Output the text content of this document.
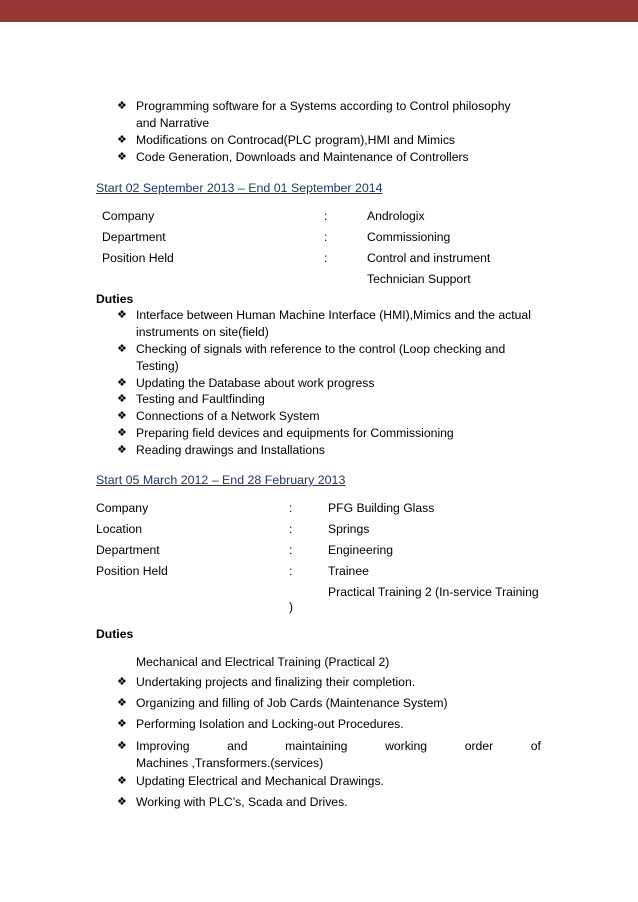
❖ Programming software for a Systems according to Control philosophy
and Narrative
❖ Modifications on Controcad(PLC program),HMI and Mimics
❖ Code Generation, Downloads and Maintenance of Controllers
Start 02 September 2013 – End 01 September 2014
Company	:	Andrologix
Department	:	Commissioning
Position Held	:	Control and instrument
Technician Support
Duties
❖ Interface between Human Machine Interface (HMI),Mimics and the actual
instruments on site(field)
❖ Checking of signals with reference to the control (Loop checking and
Testing)
❖ Updating the Database about work progress
❖ Testing and Faultfinding
❖ Connections of a Network System
❖ Preparing field devices and equipments for Commissioning
❖ Reading drawings and Installations
Start 05 March 2012 – End 28 February 2013
Company	:	PFG Building Glass
Location	:	Springs
Department	:	Engineering
Position Held	:	Trainee
Practical Training 2 (In-service Training
)
Duties
Mechanical and Electrical Training (Practical 2)
❖ Undertaking projects and finalizing their completion.
❖ Organizing and filling of Job Cards (Maintenance System)
❖ Performing Isolation and Locking-out Procedures.
❖ Improving	and	maintaining	working	order	of
Machines ,Transformers.(services)
❖ Updating Electrical and Mechanical Drawings.
❖ Working with PLC’s, Scada and Drives.
